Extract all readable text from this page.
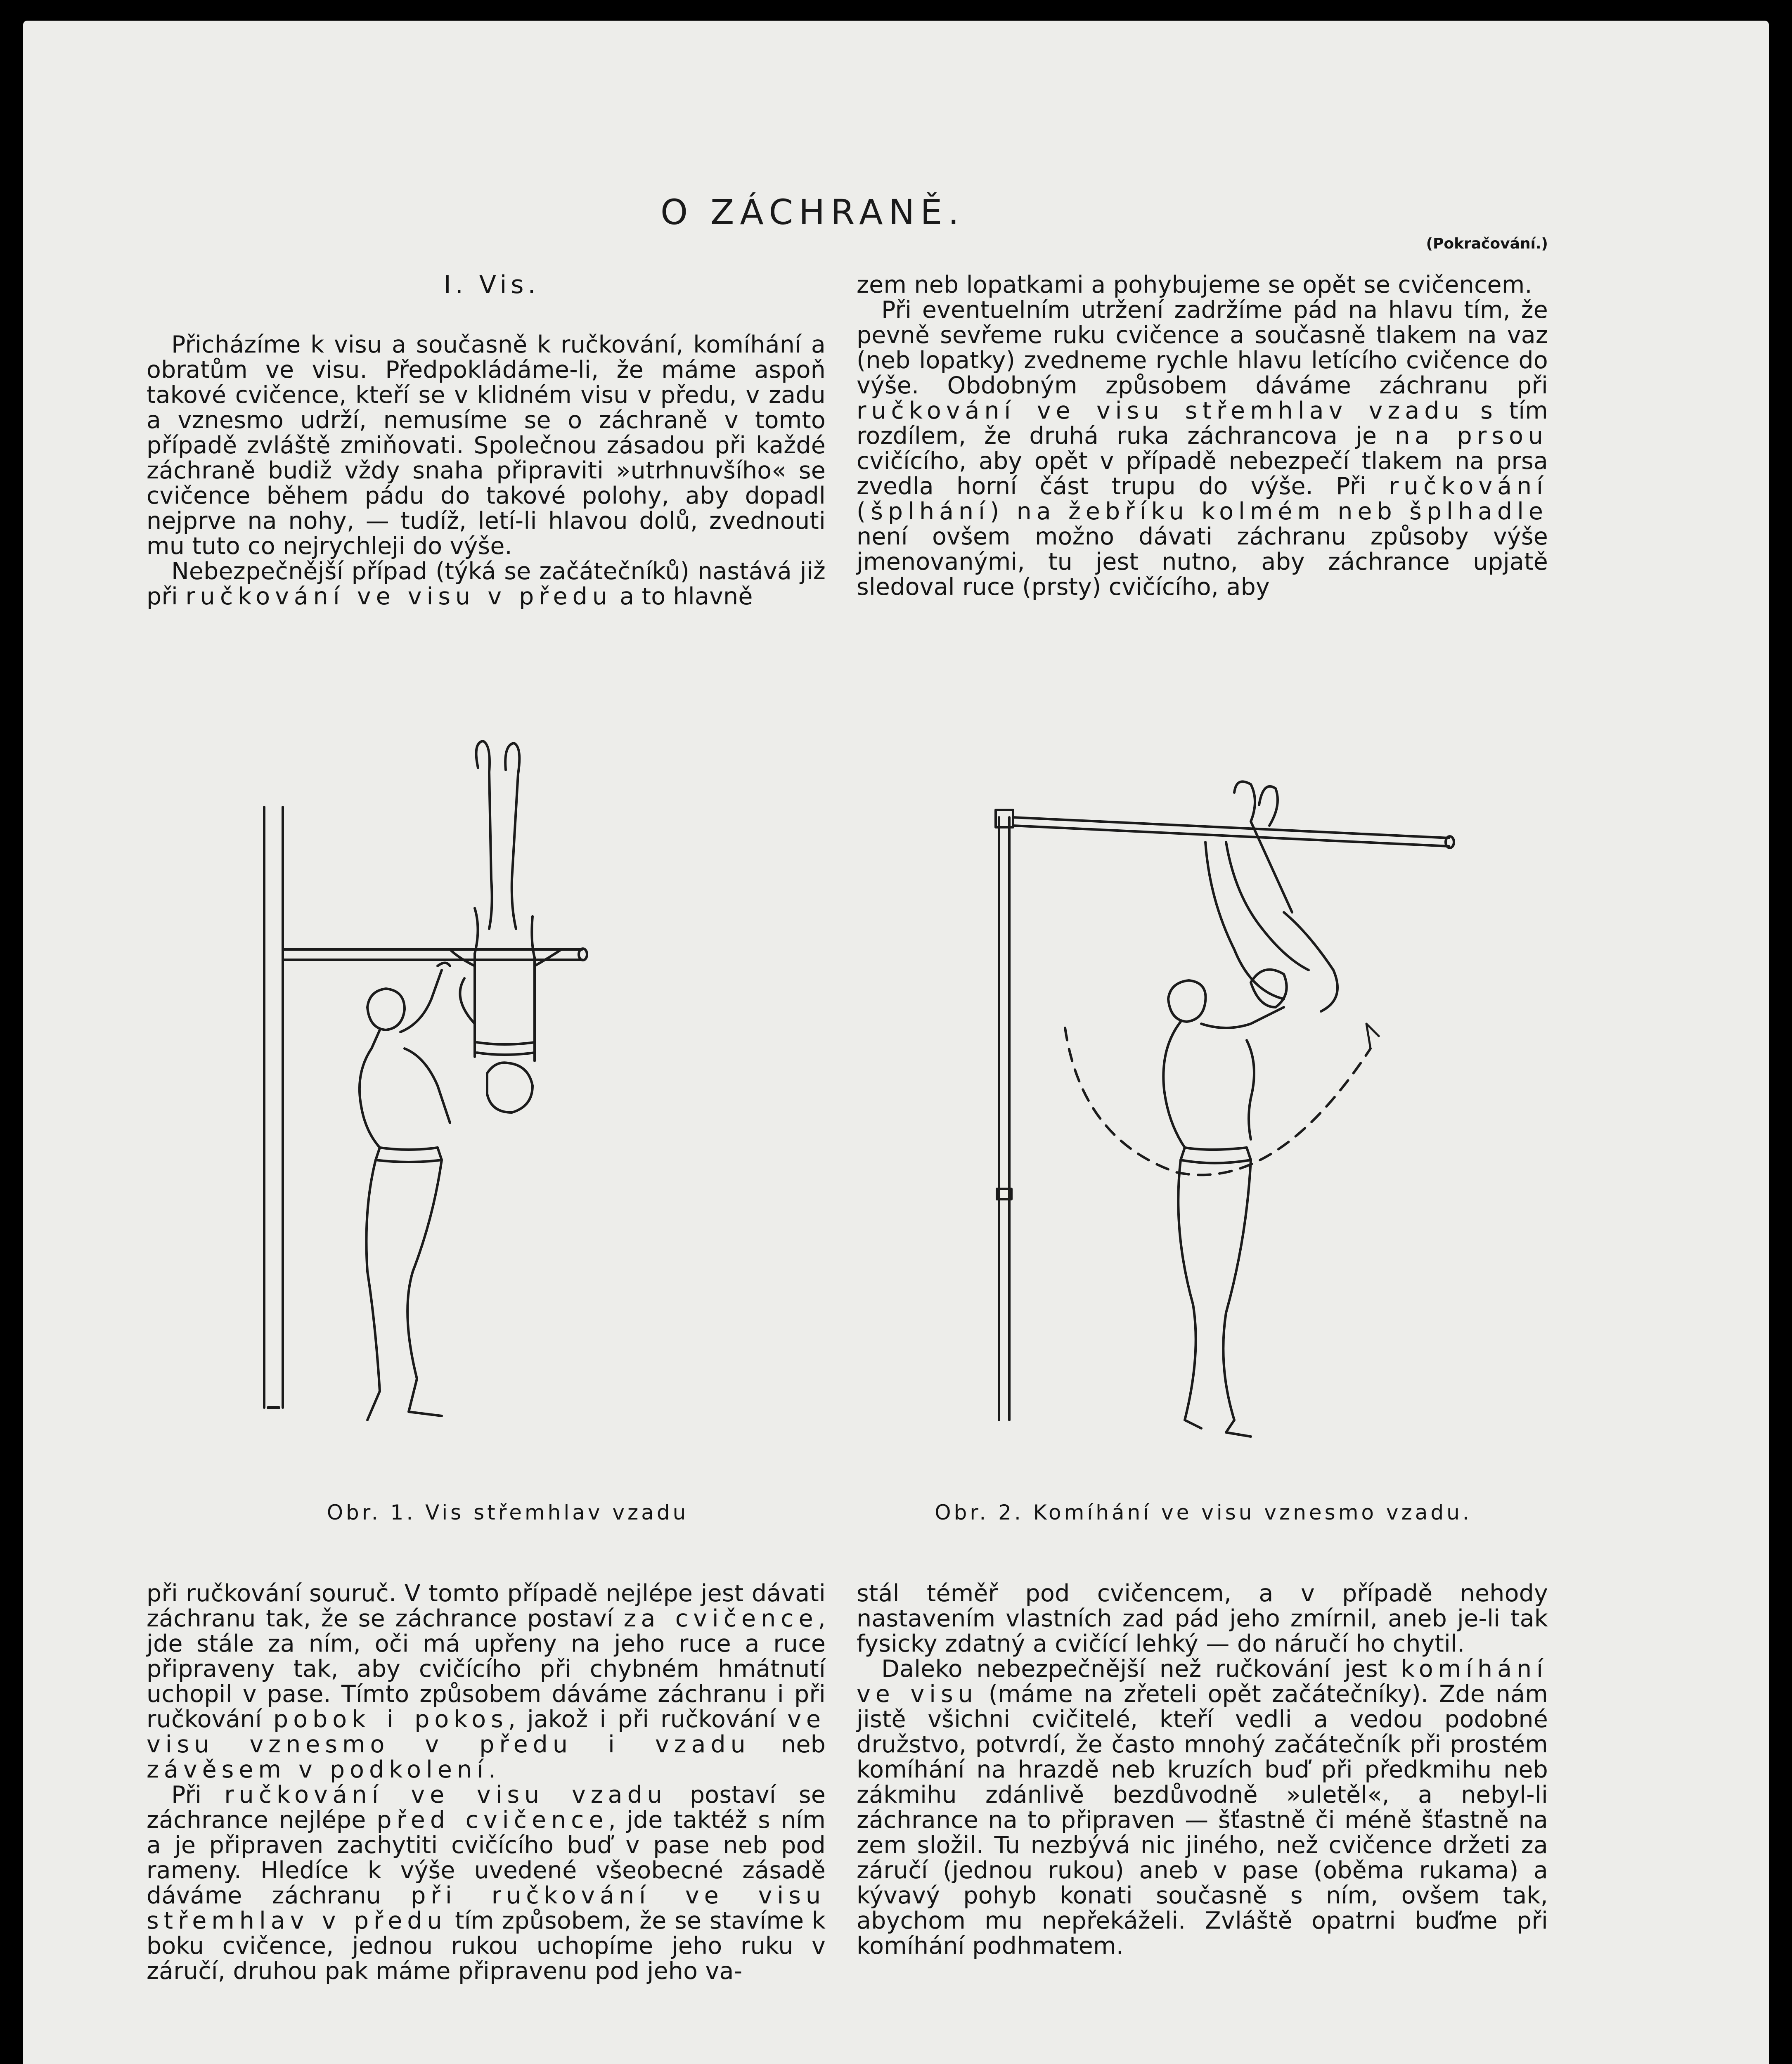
O ZÁCHRANĚ.
(Pokračování.)
I. Vis.

Přicházíme k visu a současně k ručkování, komíhání a obratům ve visu. Předpokládáme-li, že máme aspoň takové cvičence, kteří se v klidném visu v předu, v zadu a vznesmo udrží, nemusíme se o záchraně v tomto případě zvláště zmiňovati. Společnou zásadou při každé záchraně budiž vždy snaha připraviti »utrhnuvšího« se cvičence během pádu do takové polohy, aby dopadl nejprve na nohy, — tudíž, letí-li hlavou dolů, zvednouti mu tuto co nejrychleji do výše.

Nebezpečnější případ (týká se začátečníků) nastává již při ručkování ve visu v předu a to hlavně

zem neb lopatkami a pohybujeme se opět se cvičencem.

Při eventuelním utržení zadržíme pád na hlavu tím, že pevně sevřeme ruku cvičence a současně tlakem na vaz (neb lopatky) zvedneme rychle hlavu letícího cvičence do výše. Obdobným způsobem dáváme záchranu při ručkování ve visu střemhlav vzadu s tím rozdílem, že druhá ruka záchrancova je na prsou cvičícího, aby opět v případě nebezpečí tlakem na prsa zvedla horní část trupu do výše. Při ručkování (šplhání) na žebříku kolmém neb šplhadle není ovšem možno dávati záchranu způsoby výše jmenovanými, tu jest nutno, aby záchrance upjatě sledoval ruce (prsty) cvičícího, aby

Obr. 1. Vis střemhlav vzadu	Obr. 2. Komíhání ve visu vznesmo vzadu.

při ručkování souruč. V tomto případě nejlépe jest dávati záchranu tak, že se záchrance postaví za cvičence, jde stále za ním, oči má upřeny na jeho ruce a ruce připraveny tak, aby cvičícího při chybném hmátnutí uchopil v pase. Tímto způsobem dáváme záchranu i při ručkování pobok i pokos, jakož i při ručkování ve visu vznesmo v předu i vzadu neb závěsem v podkolení.

Při ručkování ve visu vzadu postaví se záchrance nejlépe před cvičence, jde taktéž s ním a je připraven zachytiti cvičícího buď v pase neb pod rameny. Hledíce k výše uvedené všeobecné zásadě dáváme záchranu při ručkování ve visu střemhlav v předu tím způsobem, že se stavíme k boku cvičence, jednou rukou uchopíme jeho ruku v záručí, druhou pak máme připravenu pod jeho va-

stál téměř pod cvičencem, a v případě nehody nastavením vlastních zad pád jeho zmírnil, aneb je-li tak fysicky zdatný a cvičící lehký — do náručí ho chytil.

Daleko nebezpečnější než ručkování jest komíhání ve visu (máme na zřeteli opět začátečníky). Zde nám jistě všichni cvičitelé, kteří vedli a vedou podobné družstvo, potvrdí, že často mnohý začátečník při prostém komíhání na hrazdě neb kruzích buď při předkmihu neb zákmihu zdánlivě bezdůvodně »uletěl«, a nebyl-li záchrance na to připraven — šťastně či méně šťastně na zem složil. Tu nezbývá nic jiného, než cvičence držeti za záručí (jednou rukou) aneb v pase (oběma rukama) a kývavý pohyb konati současně s ním, ovšem tak, abychom mu nepřekáželi. Zvláště opatrni buďme při komíhání podhmatem.
